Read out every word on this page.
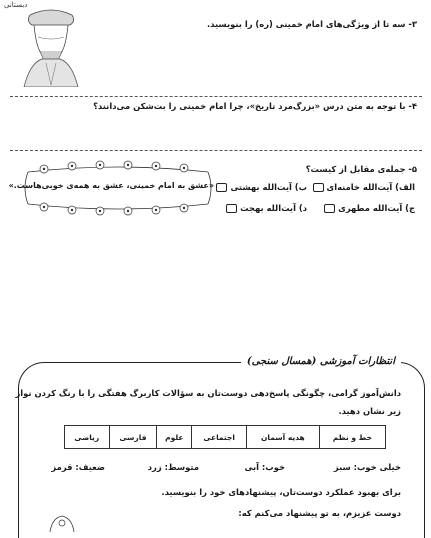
دبستانی
۳- سه تا از ویژگی‌های امام خمینی (ره) را بنویسید.
۴- با توجه به متن درس «بزرگ‌مرد تاریخ»، چرا امام خمینی را بت‌شکن می‌دانند؟
۵- جمله‌ی مقابل از کیست؟
الف) آیت‌الله خامنه‌ای
ب) آیت‌الله بهشتی
ج) آیت‌الله مطهری
د) آیت‌الله بهجت
«عشق به امام خمینی، عشق به همه‌ی خوبی‌هاست.»
انتظارات آموزشی (همسال سنجی)
دانش‌آموز گرامی، چگونگی پاسخ‌دهی دوست‌تان به سؤالات کاربرگ هفتگی را با رنگ کردن نوار
زیر نشان دهید.
خط و نظم	هدیه آسمان	اجتماعی	علوم	فارسی	ریاضی
خیلی خوب: سبز
خوب: آبی
متوسط: زرد
ضعیف: قرمز
برای بهبود عملکرد دوست‌تان، پیشنهادهای خود را بنویسید.
دوست عزیزم، به تو پیشنهاد می‌کنم که:
